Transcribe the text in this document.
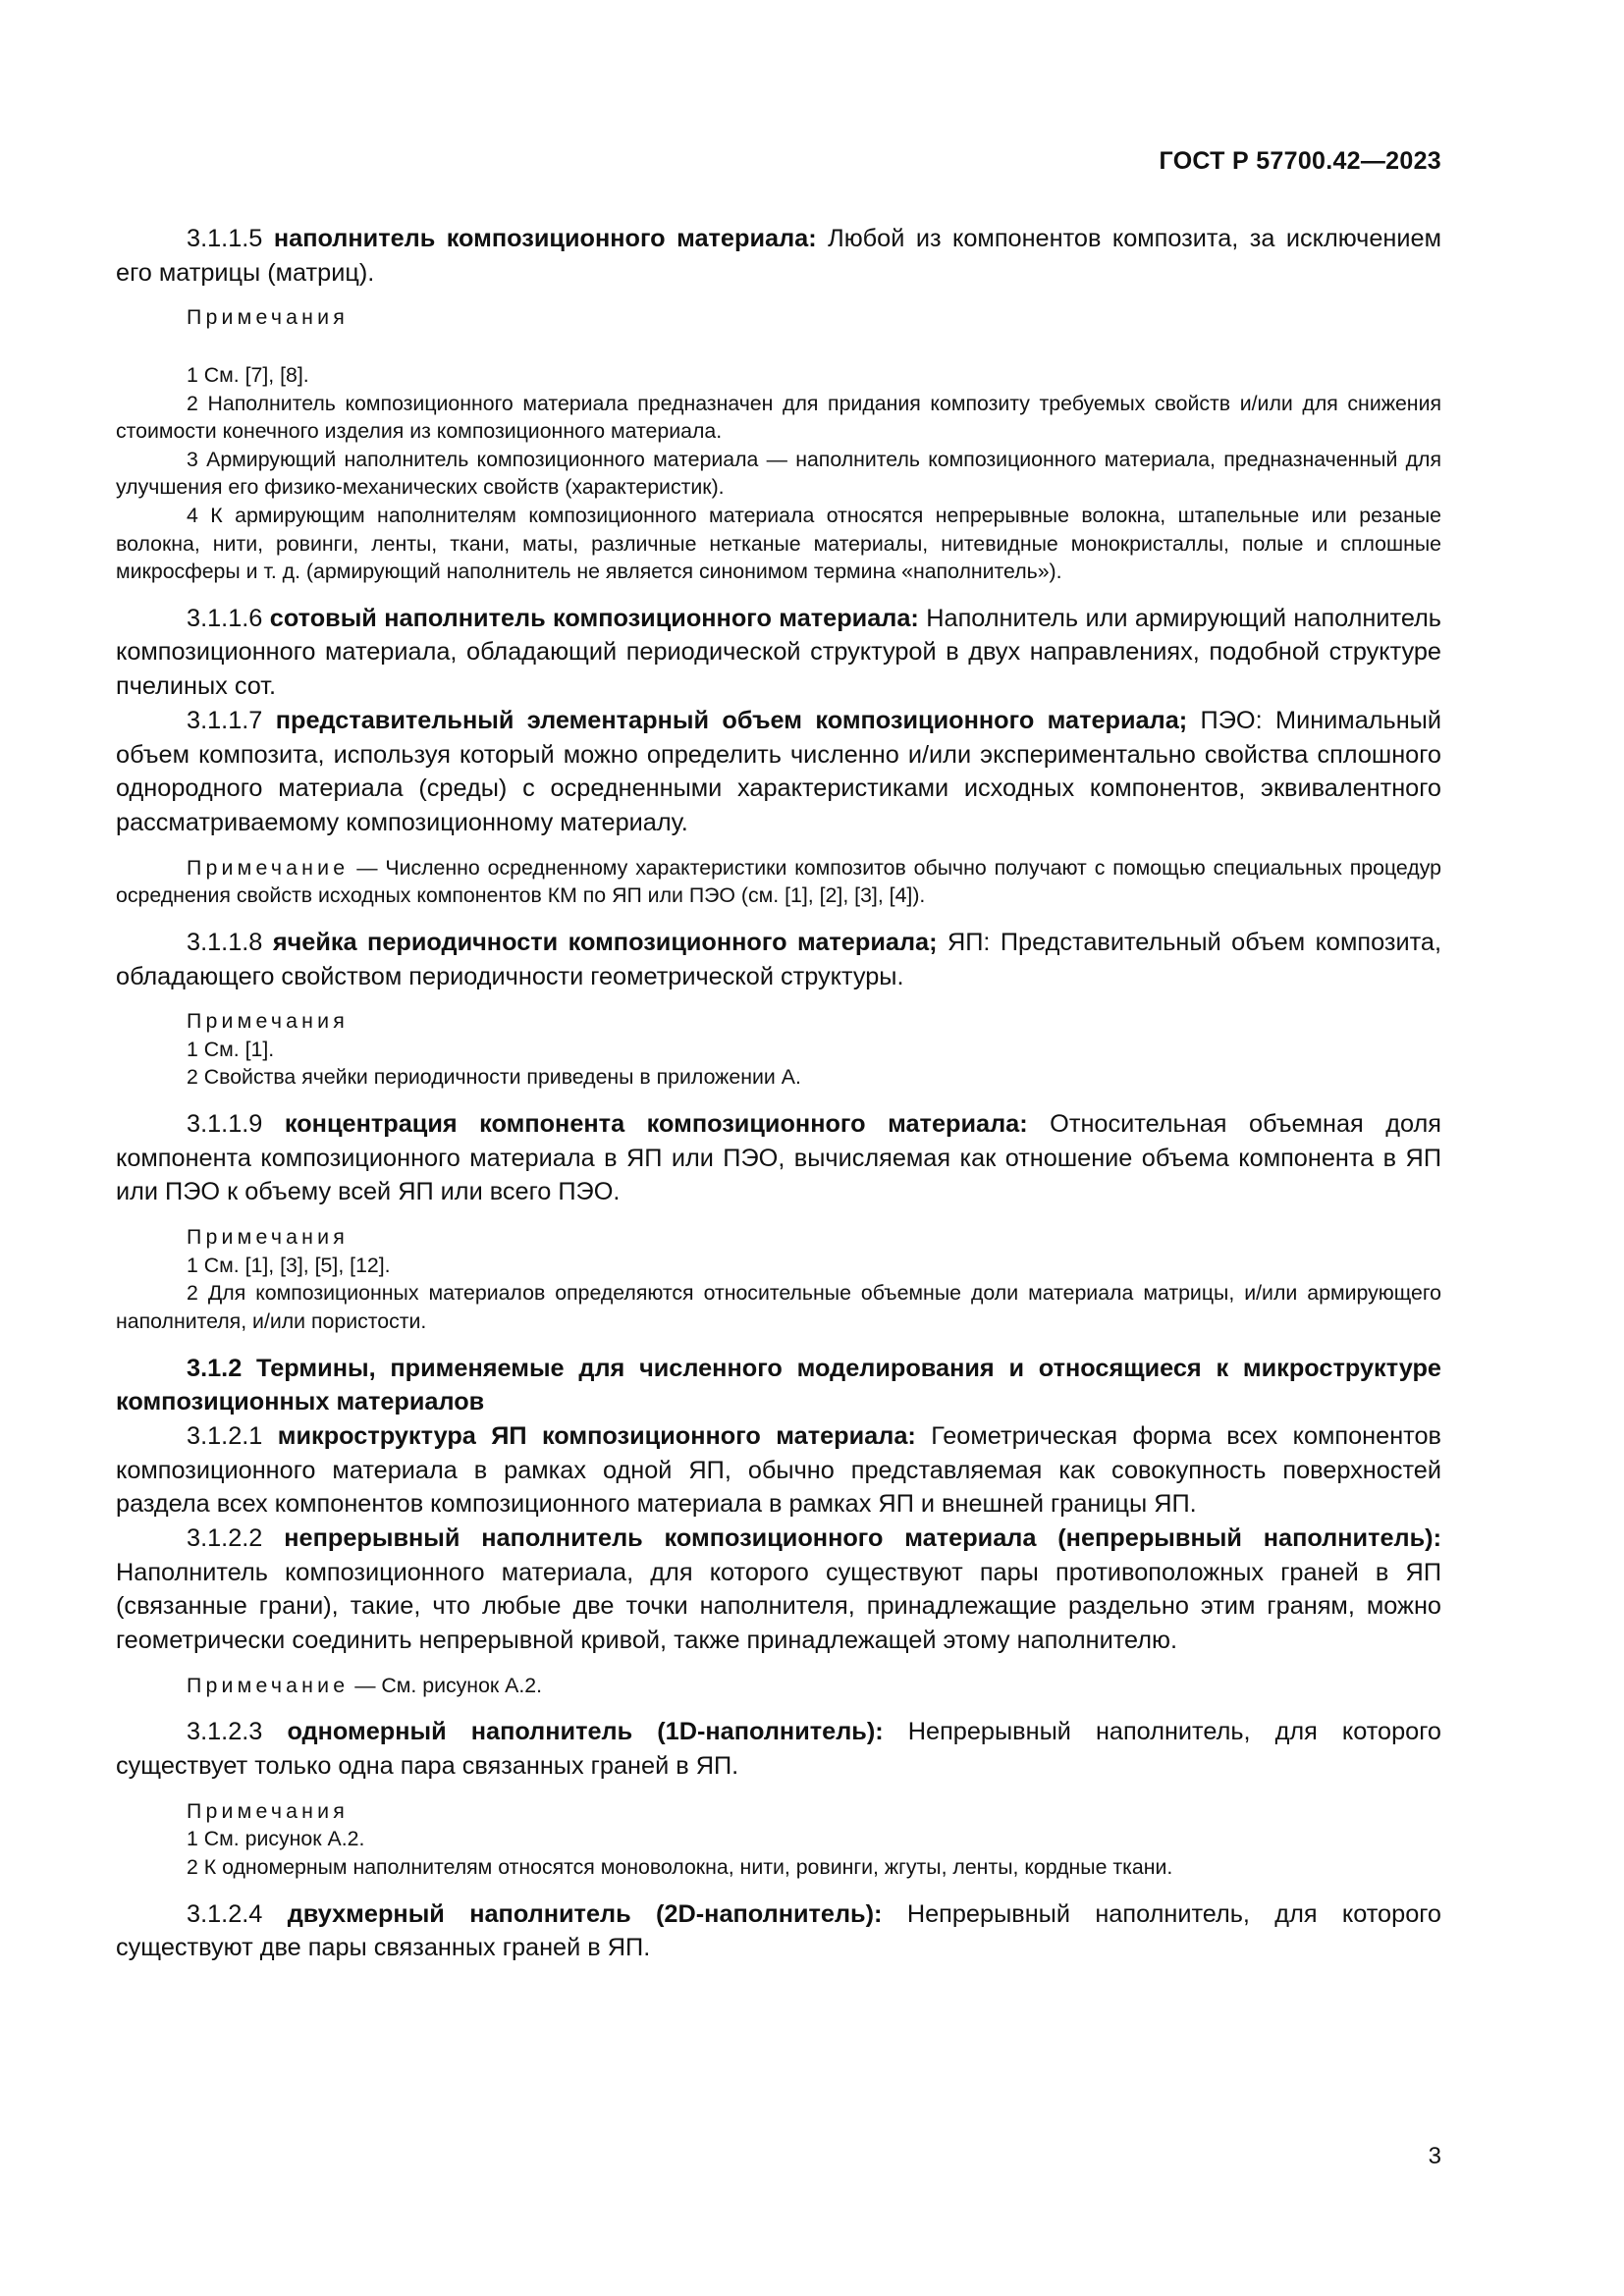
ГОСТ Р 57700.42—2023

3.1.1.5 наполнитель композиционного материала: Любой из компонентов композита, за исключением его матрицы (матриц).

Примечания

1 См. [7], [8].

2 Наполнитель композиционного материала предназначен для придания композиту требуемых свойств и/или для снижения стоимости конечного изделия из композиционного материала.

3 Армирующий наполнитель композиционного материала — наполнитель композиционного материала, предназначенный для улучшения его физико-механических свойств (характеристик).

4 К армирующим наполнителям композиционного материала относятся непрерывные волокна, штапельные или резаные волокна, нити, ровинги, ленты, ткани, маты, различные нетканые материалы, нитевидные монокристаллы, полые и сплошные микросферы и т. д. (армирующий наполнитель не является синонимом термина «наполнитель»).

3.1.1.6 сотовый наполнитель композиционного материала: Наполнитель или армирующий наполнитель композиционного материала, обладающий периодической структурой в двух направлениях, подобной структуре пчелиных сот.

3.1.1.7 представительный элементарный объем композиционного материала; ПЭО: Минимальный объем композита, используя который можно определить численно и/или экспериментально свойства сплошного однородного материала (среды) с осредненными характеристиками исходных компонентов, эквивалентного рассматриваемому композиционному материалу.

Примечание — Численно осредненному характеристики композитов обычно получают с помощью специальных процедур осреднения свойств исходных компонентов КМ по ЯП или ПЭО (см. [1], [2], [3], [4]).

3.1.1.8 ячейка периодичности композиционного материала; ЯП: Представительный объем композита, обладающего свойством периодичности геометрической структуры.

Примечания

1 См. [1].

2 Свойства ячейки периодичности приведены в приложении А.

3.1.1.9 концентрация компонента композиционного материала: Относительная объемная доля компонента композиционного материала в ЯП или ПЭО, вычисляемая как отношение объема компонента в ЯП или ПЭО к объему всей ЯП или всего ПЭО.

Примечания

1 См. [1], [3], [5], [12].

2 Для композиционных материалов определяются относительные объемные доли материала матрицы, и/или армирующего наполнителя, и/или пористости.

3.1.2 Термины, применяемые для численного моделирования и относящиеся к микроструктуре композиционных материалов

3.1.2.1 микроструктура ЯП композиционного материала: Геометрическая форма всех компонентов композиционного материала в рамках одной ЯП, обычно представляемая как совокупность поверхностей раздела всех компонентов композиционного материала в рамках ЯП и внешней границы ЯП.

3.1.2.2 непрерывный наполнитель композиционного материала (непрерывный наполнитель): Наполнитель композиционного материала, для которого существуют пары противоположных граней в ЯП (связанные грани), такие, что любые две точки наполнителя, принадлежащие раздельно этим граням, можно геометрически соединить непрерывной кривой, также принадлежащей этому наполнителю.

Примечание — См. рисунок А.2.

3.1.2.3 одномерный наполнитель (1D-наполнитель): Непрерывный наполнитель, для которого существует только одна пара связанных граней в ЯП.

Примечания

1 См. рисунок А.2.

2 К одномерным наполнителям относятся моноволокна, нити, ровинги, жгуты, ленты, кордные ткани.

3.1.2.4 двухмерный наполнитель (2D-наполнитель): Непрерывный наполнитель, для которого существуют две пары связанных граней в ЯП.

3
